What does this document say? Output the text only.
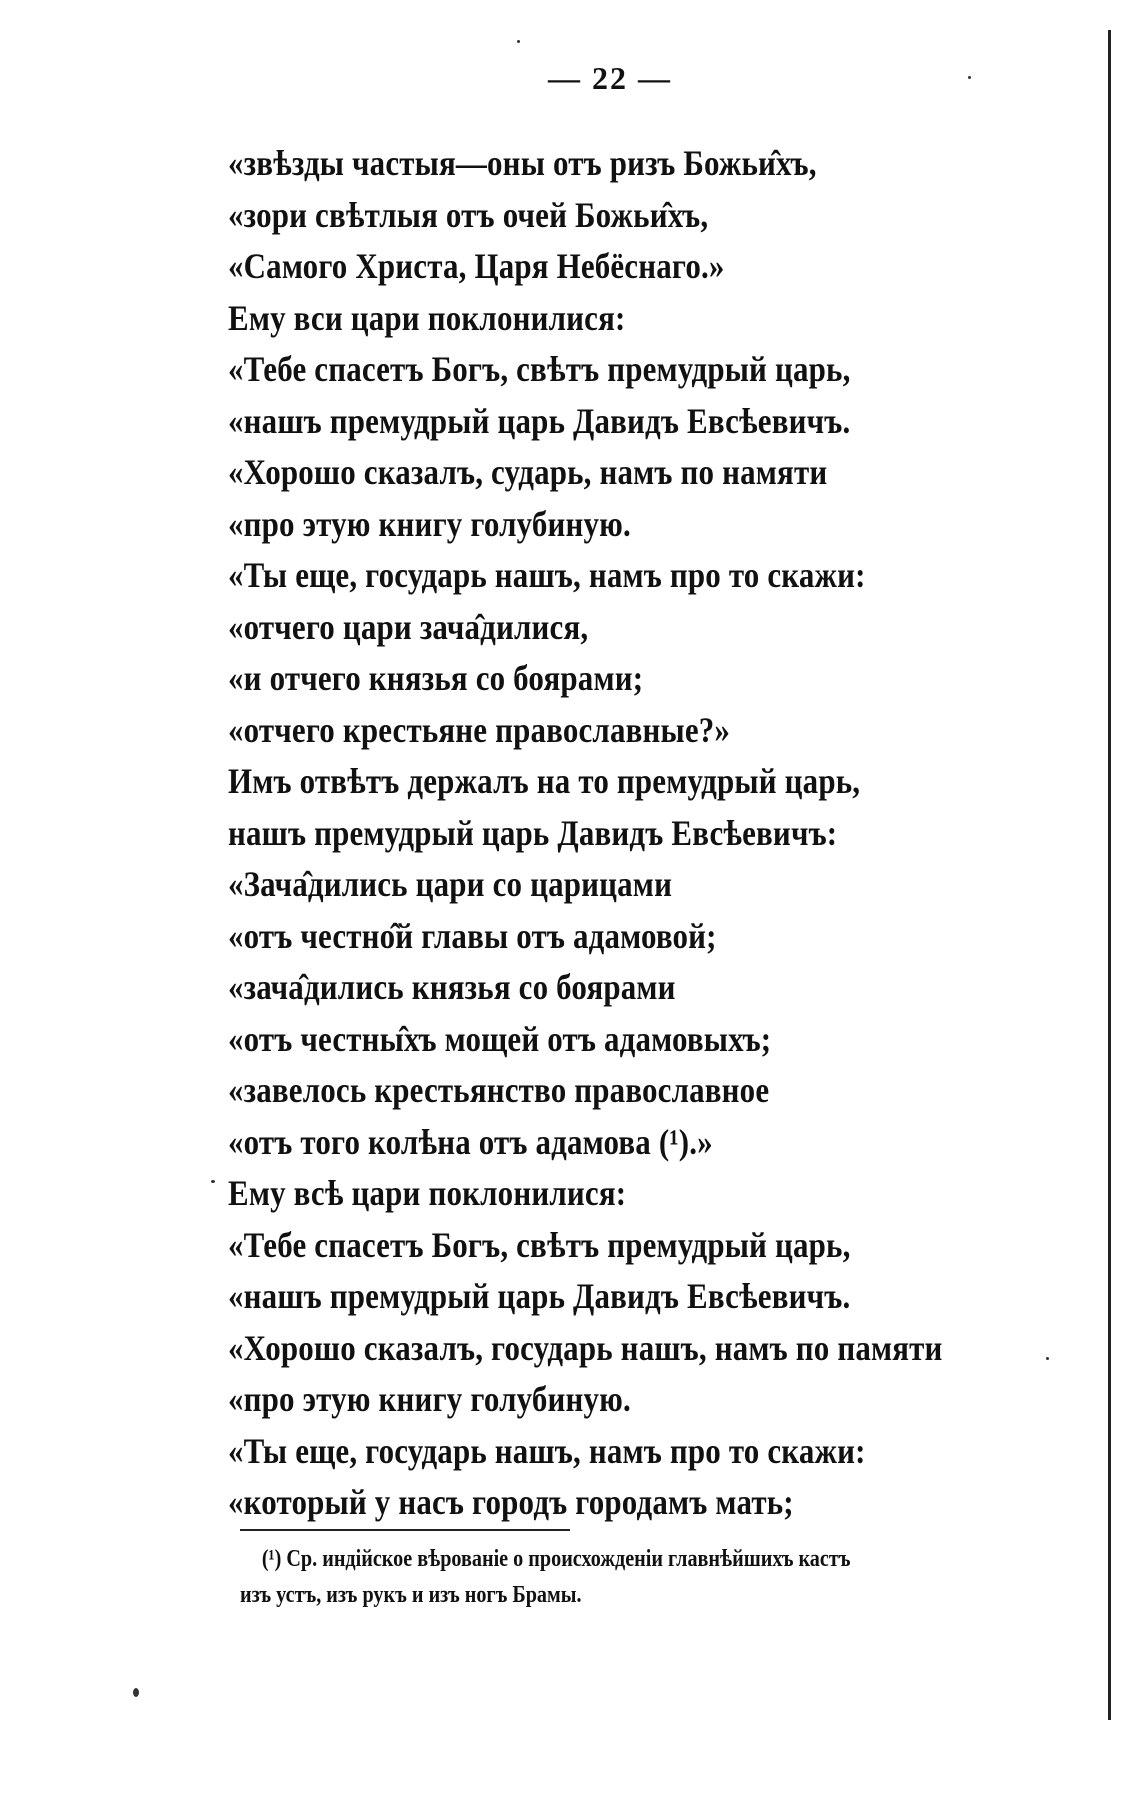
— 22 —
«звѣзды частыя—оны отъ ризъ Божьи̂хъ,
«зори свѣтлыя отъ очей Божьи̂хъ,
«Самого Христа, Царя Небёснаго.»
Ему вси цари поклонилися:
«Тебе спасетъ Богъ, свѣтъ премудрый царь,
«нашъ премудрый царь Давидъ Евсѣевичъ.
«Хорошо сказалъ, сударь, намъ по намяти
«про этую книгу голубиную.
«Ты еще, государь нашъ, намъ про то скажи:
«отчего цари зача̂дилися,
«и отчего князья со боярами;
«отчего крестьяне православные?»
Имъ отвѣтъ держалъ на то премудрый царь,
нашъ премудрый царь Давидъ Евсѣевичъ:
«Зача̂дились цари со царицами
«отъ честно̂й главы отъ адамовой;
«зача̂дились князья со боярами
«отъ честны̂хъ мощей отъ адамовыхъ;
«завелось крестьянство православное
«отъ того колѣна отъ адамова (¹).»
Ему всѣ цари поклонилися:
«Тебе спасетъ Богъ, свѣтъ премудрый царь,
«нашъ премудрый царь Давидъ Евсѣевичъ.
«Хорошо сказалъ, государь нашъ, намъ по памяти
«про этую книгу голубиную.
«Ты еще, государь нашъ, намъ про то скажи:
«который у насъ городъ городамъ мать;
(¹) Ср. индійское вѣрованіе о происхожденіи главнѣйшихъ кастъ
изъ устъ, изъ рукъ и изъ ногъ Брамы.
